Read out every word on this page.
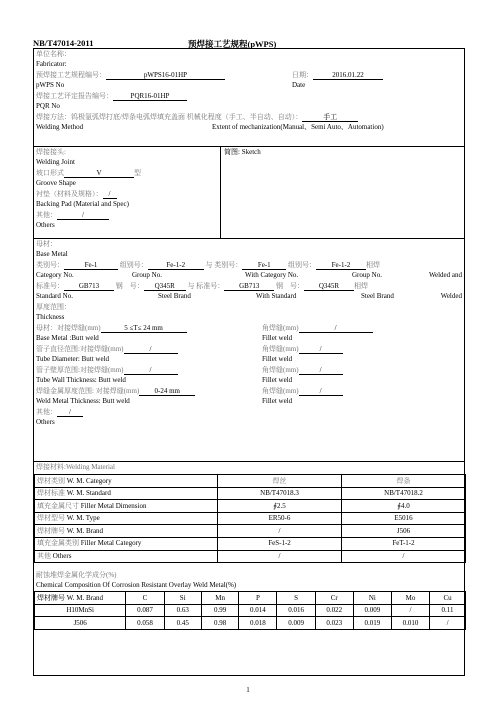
NB/T47014-2011	预焊接工艺规程(pWPS)
单位名称：
Fabricator:
预焊接工艺规程编号：	pWPS16-01HP	日期：	2016.01.22
pWPS No	Date
焊接工艺评定报告编号：	PQR16-01HP
PQR No
焊接方法：钨极氩弧焊打底/焊条电弧焊填充盖面 机械化程度（手工、半自动、自动）：	手工
Welding Method	Extent of mechanization(Manual、Semi Auto、Automation)
焊接接头:
Welding Joint
坡口形式	V	型
Groove Shape
衬垫（材料及规格）： /
Backing Pad (Material and Spec)
其他：	/
Others
简图: Sketch
母材：
Base Metal
类别号：	Fe-1	组别号：	Fe-1-2	与 类别号： Fe-1 组别号： Fe-1-2 相焊
Category No.	Group No.	With Category No.	Group No.	Welded and
标准号： GB713 钢　号： Q345R 与 标准号： GB713 钢　号： Q345R 相焊
Standard No.	Steel Brand	With Standard	Steel Brand	Welded
厚度范围：
Thickness
母材：对接焊缝(mm)	5 ≤T≤ 24 mm	角焊缝(mm)	/
Base Metal :Butt weld	Fillet weld
管子直径范围:对接焊缝(mm)	/	角焊缝(mm)	/
Tube Diameter: Butt weld	Fillet weld
管子壁厚范围:对接焊缝(mm)	/	角焊缝(mm)	/
Tube Wall Thickness: Butt weld	Fillet weld
焊缝金属厚度范围: 对接焊缝(mm) 0-24 mm	角焊缝(mm)	/
Weld Metal Thickness: Butt weld	Fillet weld
其他： /
Others
焊接材料:Welding Material
焊材类别 W. M. Category	焊丝	焊条
焊材标准 W. M. Standard	NB/T47018.3	NB/T47018.2
填充金属尺寸 Filler Metal Dimension	∮2.5	∮4.0
焊材型号 W. M. Type	ER50-6	E5016
焊材牌号 W. M. Brand	/	J506
填充金属类别 Filler Metal Category	FeS-1-2	FeT-1-2
其他 Others	/	/
耐蚀堆焊金属化学成分(%)
Chemical Composition Of Corrosion Resistant Overlay Weld Metal(%)
焊材牌号 W. M. Brand	C	Si	Mn	P	S	Cr	Ni	Mo	Cu
H10MnSi	0.087	0.63	0.99	0.014	0.016	0.022	0.009	/	0.11
J506	0.058	0.45	0.98	0.018	0.009	0.023	0.019	0.010	/
1
